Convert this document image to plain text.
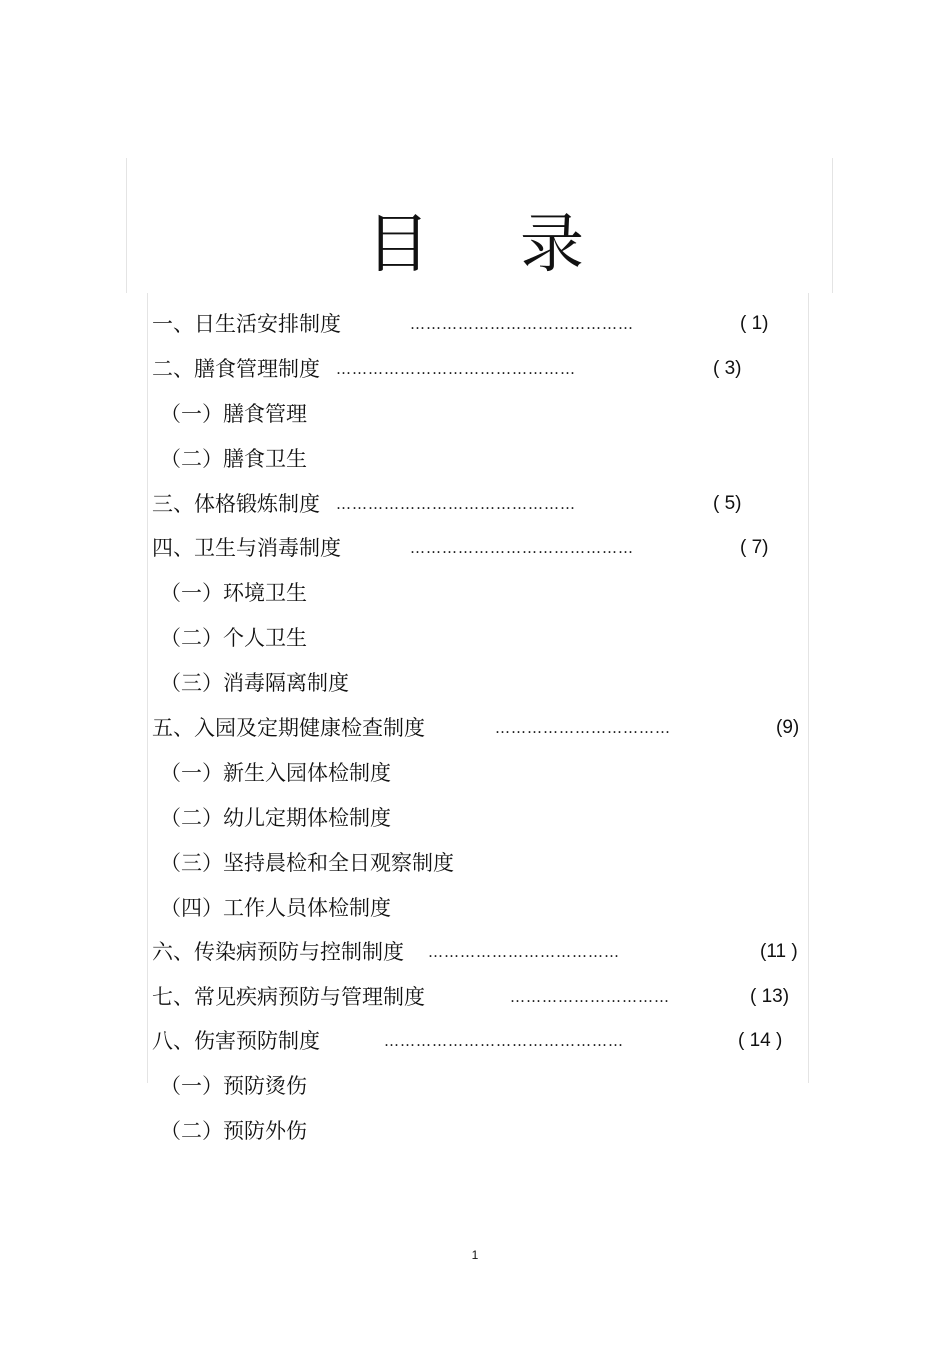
目 录
一、日生活安排制度	……………………………………	( 1)
二、膳食管理制度 ………………………………………	( 3)
（一）膳食管理
（二）膳食卫生
三、体格锻炼制度 ………………………………………	( 5)
四、卫生与消毒制度	……………………………………	( 7)
（一）环境卫生
（二）个人卫生
（三）消毒隔离制度
五、入园及定期健康检查制度	……………………………	(9)
（一）新生入园体检制度
（二）幼儿定期体检制度
（三）坚持晨检和全日观察制度
（四）工作人员体检制度
六、传染病预防与控制制度 ………………………………	(11 )
七、常见疾病预防与管理制度	…………………………	( 13)
八、伤害预防制度	………………………………………	( 14 )
（一）预防烫伤
（二）预防外伤
1
